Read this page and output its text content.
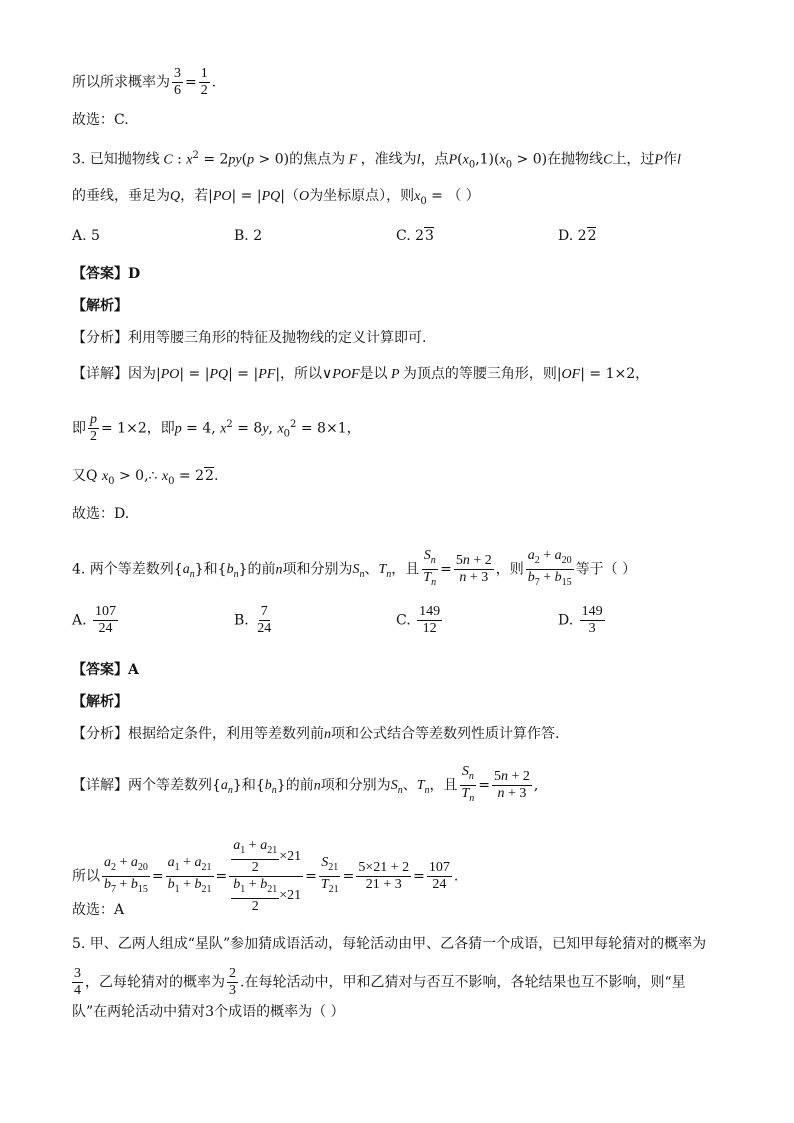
所以所求概率为 $\frac{3}{6} = \frac{1}{2}$ .
故选：C.
3. 已知抛物线 C : $x^2 = 2py(p > 0)$的焦点为 F ，准线为l，点$P(x_0,1)(x_0 > 0)$在抛物线C上，过P作l
的垂线，垂足为Q，若|PO| = |PQ|（O为坐标原点），则$x_0$ = （ ）
A. 5	B. 2	C. 23	D. 22
【答案】D
【解析】
【分析】利用等腰三角形的特征及抛物线的定义计算即可.
【详解】因为|PO| = |PQ| = |PF|，所以∨POF是以 P 为顶点的等腰三角形，则|OF| = 1×2，
即 $\frac{p}{2} = 1\times 2$，即p = 4, $x^2 = 8y$, $x_0^2 = 8\times 1$，
又Q $x_0$ > 0,∴ $x_0 = 22$.
故选：D.
4. 两个等差数列$\{a_n\}$和$\{b_n\}$的前n项和分别为$S_n$、$T_n$，且 $\frac{S_n}{T_n} = \frac{5n + 2}{n + 3}$ ，则 $\frac{a_2 + a_{20}}{b_7 + b_{15}}$ 等于（ ）
A. $\frac{107}{24}$	B. $\frac{7}{24}$	C. $\frac{149}{12}$	D. $\frac{149}{3}$
【答案】A
【解析】
【分析】根据给定条件，利用等差数列前n项和公式结合等差数列性质计算作答.
【详解】两个等差数列$\{a_n\}$和$\{b_n\}$的前n项和分别为$S_n$、$T_n$，且 $\frac{S_n}{T_n} = \frac{5n + 2}{n + 3}$ ,
所以 $\frac{a_2 + a_{20}}{b_7 + b_{15}} = \frac{a_1 + a_{21}}{b_1 + b_{21}} = \frac{\frac{a_1 + a_{21}}{2} \times 21}{\frac{b_1 + b_{21}}{2} \times 21} = \frac{S_{21}}{T_{21}} = \frac{5\times 21 + 2}{21 + 3} = \frac{107}{24}$ .
故选：A
5. 甲、乙两人组成“星队”参加猜成语活动，每轮活动由甲、乙各猜一个成语，已知甲每轮猜对的概率为
$\frac{3}{4}$ ，乙每轮猜对的概率为 $\frac{2}{3}$ .在每轮活动中，甲和乙猜对与否互不影响，各轮结果也互不影响，则“星
队”在两轮活动中猜对3个成语的概率为（ ）
